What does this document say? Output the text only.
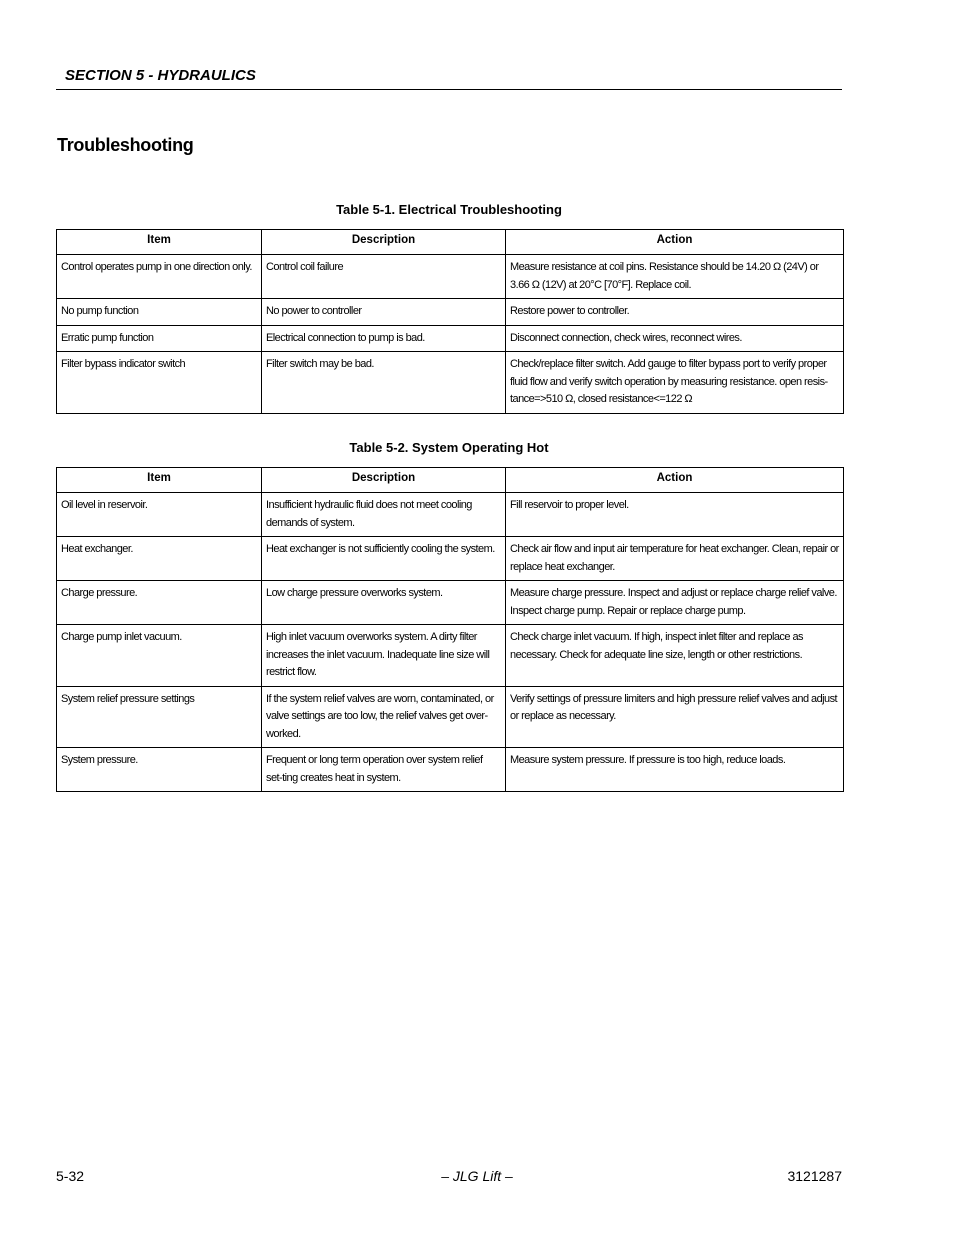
SECTION 5 - HYDRAULICS
Troubleshooting
Table 5-1. Electrical Troubleshooting
Item	Description	Action
Control operates pump in one direction only.	Control coil failure	Measure resistance at coil pins. Resistance should be 14.20 Ω (24V) or 3.66 Ω (12V) at 20°C [70°F]. Replace coil.
No pump function	No power to controller	Restore power to controller.
Erratic pump function	Electrical connection to pump is bad.	Disconnect connection, check wires, reconnect wires.
Filter bypass indicator switch	Filter switch may be bad.	Check/replace filter switch. Add gauge to filter bypass port to verify proper fluid flow and verify switch operation by measuring resistance. open resis-tance=>510 Ω, closed resistance<=122 Ω
Table 5-2. System Operating Hot
Item	Description	Action
Oil level in reservoir.	Insufficient hydraulic fluid does not meet cooling demands of system.	Fill reservoir to proper level.
Heat exchanger.	Heat exchanger is not sufficiently cooling the system.	Check air flow and input air temperature for heat exchanger. Clean, repair or replace heat exchanger.
Charge pressure.	Low charge pressure overworks system.	Measure charge pressure. Inspect and adjust or replace charge relief valve. Inspect charge pump. Repair or replace charge pump.
Charge pump inlet vacuum.	High inlet vacuum overworks system. A dirty filter increases the inlet vacuum. Inadequate line size will restrict flow.	Check charge inlet vacuum. If high, inspect inlet filter and replace as necessary. Check for adequate line size, length or other restrictions.
System relief pressure settings	If the system relief valves are worn, contaminated, or valve settings are too low, the relief valves get over-worked.	Verify settings of pressure limiters and high pressure relief valves and adjust or replace as necessary.
System pressure.	Frequent or long term operation over system relief set-ting creates heat in system.	Measure system pressure. If pressure is too high, reduce loads.
5-32	– JLG Lift –	3121287
